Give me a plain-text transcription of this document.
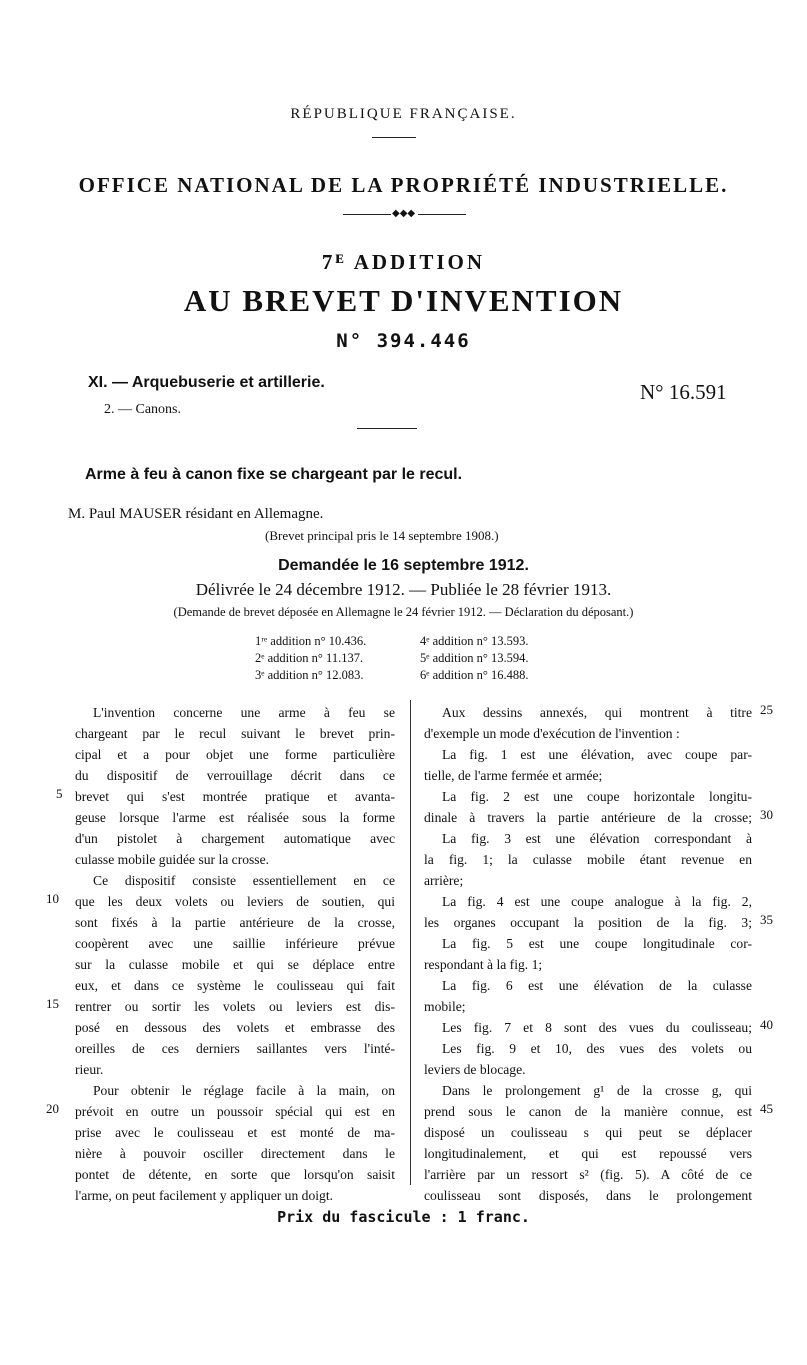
RÉPUBLIQUE FRANÇAISE.
OFFICE NATIONAL DE LA PROPRIÉTÉ INDUSTRIELLE.
◆◆◆
7ᴱ ADDITION
AU BREVET D'INVENTION
N° 394.446
XI. — Arquebuserie et artillerie.
2. — Canons.
N° 16.591
Arme à feu à canon fixe se chargeant par le recul.
M. Paul MAUSER résidant en Allemagne.
(Brevet principal pris le 14 septembre 1908.)
Demandée le 16 septembre 1912.
Délivrée le 24 décembre 1912. — Publiée le 28 février 1913.
(Demande de brevet déposée en Allemagne le 24 février 1912. — Déclaration du déposant.)
1ʳᵉ addition n° 10.436.
2ᵉ addition n° 11.137.
3ᵉ addition n° 12.083.
4ᵉ addition n° 13.593.
5ᵉ addition n° 13.594.
6ᵉ addition n° 16.488.
L'invention concerne une arme à feu se
chargeant par le recul suivant le brevet prin-
cipal et a pour objet une forme particulière
du dispositif de verrouillage décrit dans ce
brevet qui s'est montrée pratique et avanta-
geuse lorsque l'arme est réalisée sous la forme
d'un pistolet à chargement automatique avec
culasse mobile guidée sur la crosse.
Ce dispositif consiste essentiellement en ce
que les deux volets ou leviers de soutien, qui
sont fixés à la partie antérieure de la crosse,
coopèrent avec une saillie inférieure prévue
sur la culasse mobile et qui se déplace entre
eux, et dans ce système le coulisseau qui fait
rentrer ou sortir les volets ou leviers est dis-
posé en dessous des volets et embrasse des
oreilles de ces derniers saillantes vers l'inté-
rieur.
Pour obtenir le réglage facile à la main, on
prévoit en outre un poussoir spécial qui est en
prise avec le coulisseau et est monté de ma-
nière à pouvoir osciller directement dans le
pontet de détente, en sorte que lorsqu'on saisit
l'arme, on peut facilement y appliquer un doigt.
5
10
15
20
Aux dessins annexés, qui montrent à titre
d'exemple un mode d'exécution de l'invention :
La fig. 1 est une élévation, avec coupe par-
tielle, de l'arme fermée et armée;
La fig. 2 est une coupe horizontale longitu-
dinale à travers la partie antérieure de la crosse;
La fig. 3 est une élévation correspondant à
la fig. 1; la culasse mobile étant revenue en
arrière;
La fig. 4 est une coupe analogue à la fig. 2,
les organes occupant la position de la fig. 3;
La fig. 5 est une coupe longitudinale cor-
respondant à la fig. 1;
La fig. 6 est une élévation de la culasse
mobile;
Les fig. 7 et 8 sont des vues du coulisseau;
Les fig. 9 et 10, des vues des volets ou
leviers de blocage.
Dans le prolongement g¹ de la crosse g, qui
prend sous le canon de la manière connue, est
disposé un coulisseau s qui peut se déplacer
longitudinalement, et qui est repoussé vers
l'arrière par un ressort s² (fig. 5). A côté de ce
coulisseau sont disposés, dans le prolongement
25
30
35
40
45
Prix du fascicule : 1 franc.
